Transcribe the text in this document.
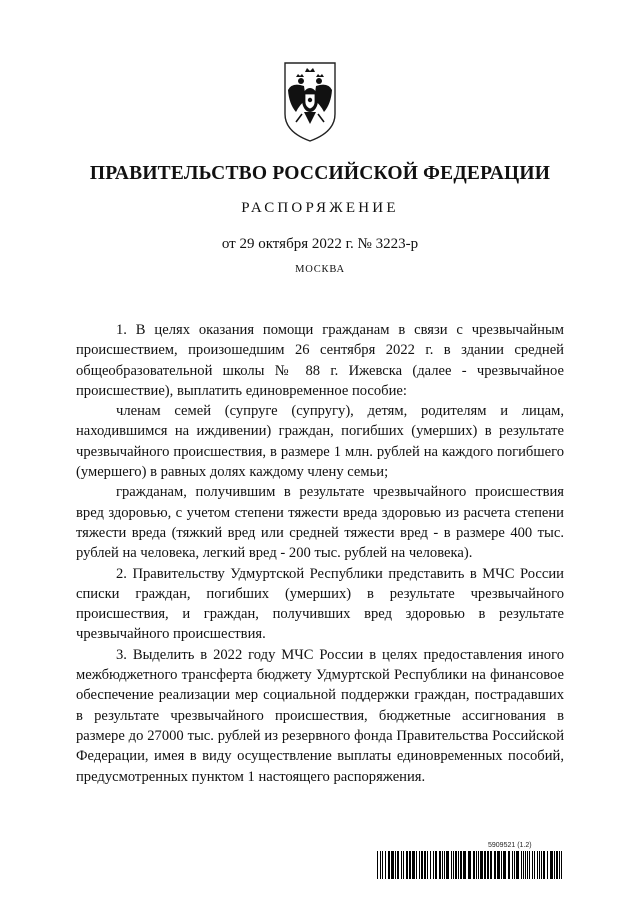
ПРАВИТЕЛЬСТВО РОССИЙСКОЙ ФЕДЕРАЦИИ
РАСПОРЯЖЕНИЕ
от 29 октября 2022 г. № 3223-р
МОСКВА

1. В целях оказания помощи гражданам в связи с чрезвычайным происшествием, произошедшим 26 сентября 2022 г. в здании средней общеобразовательной школы № 88 г. Ижевска (далее - чрезвычайное происшествие), выплатить единовременное пособие:

членам семей (супруге (супругу), детям, родителям и лицам, находившимся на иждивении) граждан, погибших (умерших) в результате чрезвычайного происшествия, в размере 1 млн. рублей на каждого погибшего (умершего) в равных долях каждому члену семьи;

гражданам, получившим в результате чрезвычайного происшествия вред здоровью, с учетом степени тяжести вреда здоровью из расчета степени тяжести вреда (тяжкий вред или средней тяжести вред - в размере 400 тыс. рублей на человека, легкий вред - 200 тыс. рублей на человека).

2. Правительству Удмуртской Республики представить в МЧС России списки граждан, погибших (умерших) в результате чрезвычайного происшествия, и граждан, получивших вред здоровью в результате чрезвычайного происшествия.

3. Выделить в 2022 году МЧС России в целях предоставления иного межбюджетного трансферта бюджету Удмуртской Республики на финансовое обеспечение реализации мер социальной поддержки граждан, пострадавших в результате чрезвычайного происшествия, бюджетные ассигнования в размере до 27000 тыс. рублей из резервного фонда Правительства Российской Федерации, имея в виду осуществление выплаты единовременных пособий, предусмотренных пунктом 1 настоящего распоряжения.

5909521 (1.2)
